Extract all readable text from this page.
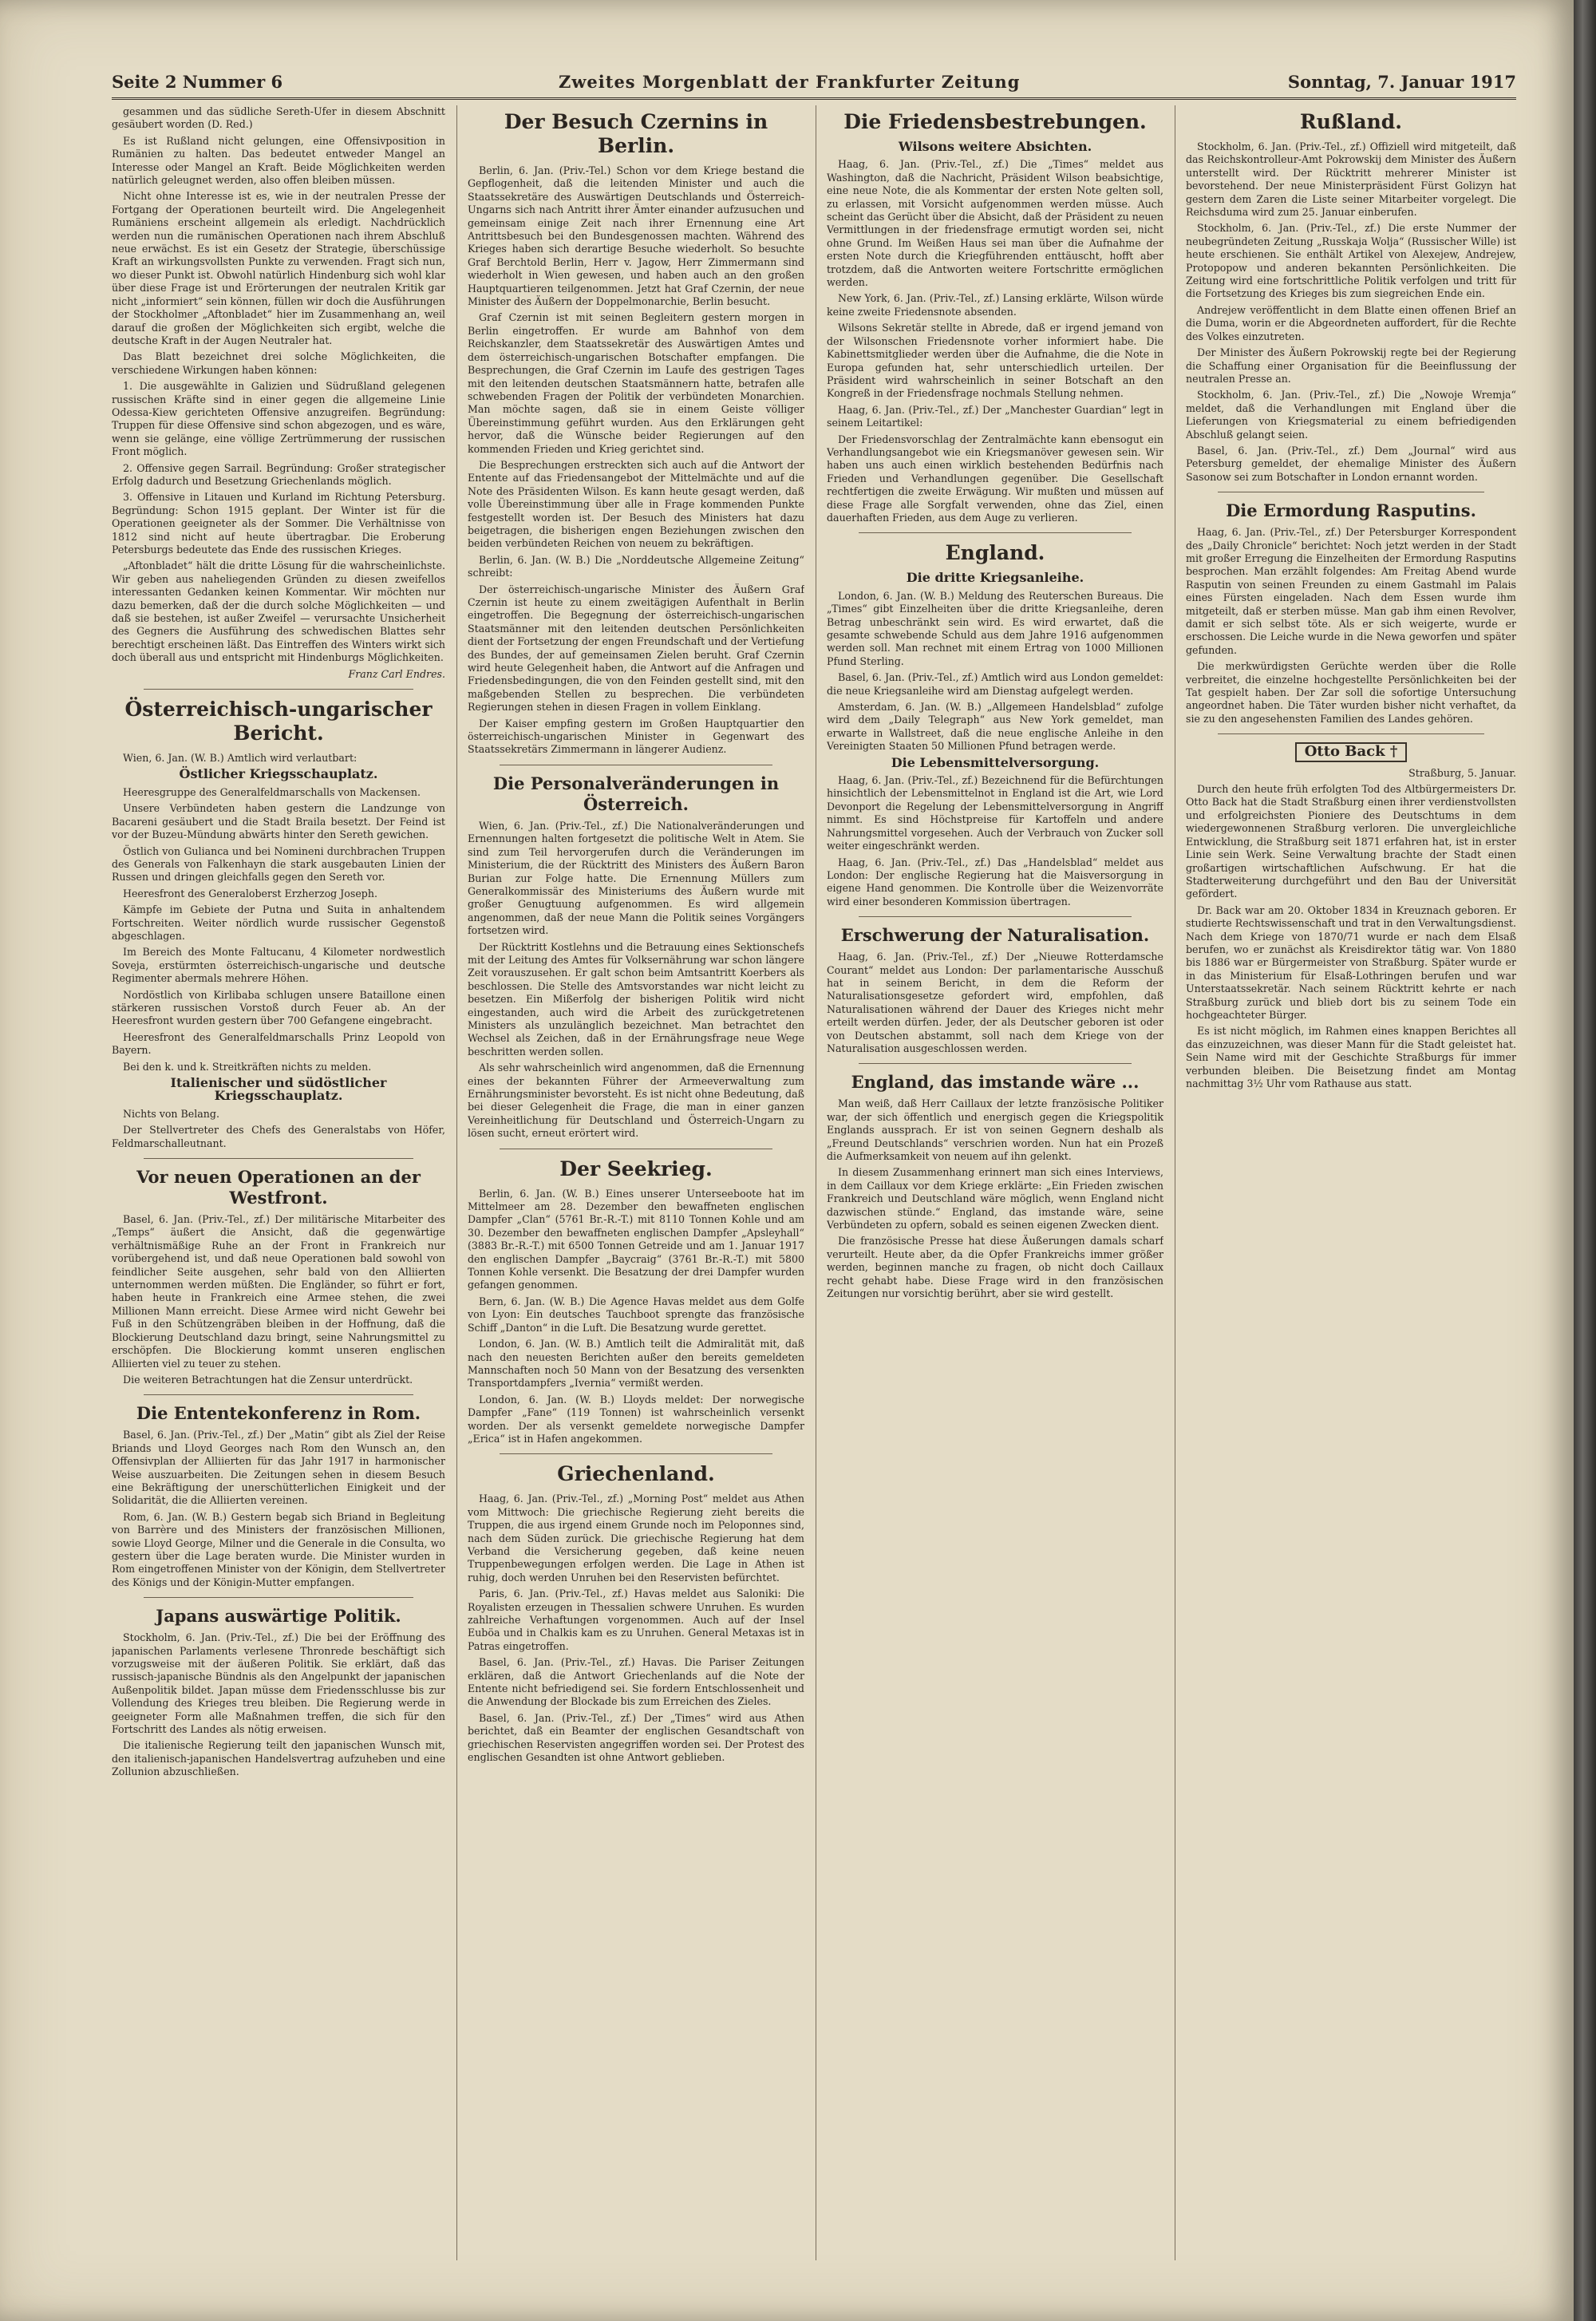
Seite 2 Nummer 6	Zweites Morgenblatt der Frankfurter Zeitung	Sonntag, 7. Januar 1917

gesammen und das südliche Sereth-Ufer in diesem Abschnitt gesäubert worden (D. Red.)

Es ist Rußland nicht gelungen, eine Offensivposition in Rumänien zu halten. Das bedeutet entweder Mangel an Interesse oder Mangel an Kraft. Beide Möglichkeiten werden natürlich geleugnet werden, also offen bleiben müssen.

Nicht ohne Interesse ist es, wie in der neutralen Presse der Fortgang der Operationen beurteilt wird. Die Angelegenheit Rumäniens erscheint allgemein als erledigt. Nachdrücklich werden nun die rumänischen Operationen nach ihrem Abschluß neue erwächst. Es ist ein Gesetz der Strategie, überschüssige Kraft an wirkungsvollsten Punkte zu verwenden. Fragt sich nun, wo dieser Punkt ist. Obwohl natürlich Hindenburg sich wohl klar über diese Frage ist und Erörterungen der neutralen Kritik gar nicht „informiert“ sein können, füllen wir doch die Ausführungen der Stockholmer „Aftonbladet“ hier im Zusammenhang an, weil darauf die großen der Möglichkeiten sich ergibt, welche die deutsche Kraft in der Augen Neutraler hat.

Das Blatt bezeichnet drei solche Möglichkeiten, die verschiedene Wirkungen haben können:

1. Die ausgewählte in Galizien und Südrußland gelegenen russischen Kräfte sind in einer gegen die allgemeine Linie Odessa-Kiew gerichteten Offensive anzugreifen. Begründung: Truppen für diese Offensive sind schon abgezogen, und es wäre, wenn sie gelänge, eine völlige Zertrümmerung der russischen Front möglich.

2. Offensive gegen Sarrail. Begründung: Großer strategischer Erfolg dadurch und Besetzung Griechenlands möglich.

3. Offensive in Litauen und Kurland im Richtung Petersburg. Begründung: Schon 1915 geplant. Der Winter ist für die Operationen geeigneter als der Sommer. Die Verhältnisse von 1812 sind nicht auf heute übertragbar. Die Eroberung Petersburgs bedeutete das Ende des russischen Krieges.

„Aftonbladet“ hält die dritte Lösung für die wahrscheinlichste. Wir geben aus naheliegenden Gründen zu diesen zweifellos interessanten Gedanken keinen Kommentar. Wir möchten nur dazu bemerken, daß der die durch solche Möglichkeiten — und daß sie bestehen, ist außer Zweifel — verursachte Unsicherheit des Gegners die Ausführung des schwedischen Blattes sehr berechtigt erscheinen läßt. Das Eintreffen des Winters wirkt sich doch überall aus und entspricht mit Hindenburgs Möglichkeiten.

Franz Carl Endres.
Österreichisch-ungarischer Bericht.

Wien, 6. Jan. (W. B.) Amtlich wird verlautbart:

Östlicher Kriegsschauplatz.

Heeresgruppe des Generalfeldmarschalls von Mackensen.

Unsere Verbündeten haben gestern die Landzunge von Bacareni gesäubert und die Stadt Braila besetzt. Der Feind ist vor der Buzeu-Mündung abwärts hinter den Sereth gewichen.

Östlich von Gulianca und bei Nomineni durchbrachen Truppen des Generals von Falkenhayn die stark ausgebauten Linien der Russen und dringen gleichfalls gegen den Sereth vor.

Heeresfront des Generaloberst Erzherzog Joseph.

Kämpfe im Gebiete der Putna und Suita in anhaltendem Fortschreiten. Weiter nördlich wurde russischer Gegenstoß abgeschlagen.

Im Bereich des Monte Faltucanu, 4 Kilometer nordwestlich Soveja, erstürmten österreichisch-ungarische und deutsche Regimenter abermals mehrere Höhen.

Nordöstlich von Kirlibaba schlugen unsere Bataillone einen stärkeren russischen Vorstoß durch Feuer ab. An der Heeresfront wurden gestern über 700 Gefangene eingebracht.

Heeresfront des Generalfeldmarschalls Prinz Leopold von Bayern.

Bei den k. und k. Streitkräften nichts zu melden.

Italienischer und südöstlicher Kriegsschauplatz.

Nichts von Belang.

Der Stellvertreter des Chefs des Generalstabs von Höfer, Feldmarschalleutnant.

Vor neuen Operationen an der Westfront.

Basel, 6. Jan. (Priv.-Tel., zf.) Der militärische Mitarbeiter des „Temps“ äußert die Ansicht, daß die gegenwärtige verhältnismäßige Ruhe an der Front in Frankreich nur vorübergehend ist, und daß neue Operationen bald sowohl von feindlicher Seite ausgehen, sehr bald von den Alliierten unternommen werden müßten. Die Engländer, so führt er fort, haben heute in Frankreich eine Armee stehen, die zwei Millionen Mann erreicht. Diese Armee wird nicht Gewehr bei Fuß in den Schützengräben bleiben in der Hoffnung, daß die Blockierung Deutschland dazu bringt, seine Nahrungsmittel zu erschöpfen. Die Blockierung kommt unseren englischen Alliierten viel zu teuer zu stehen.

Die weiteren Betrachtungen hat die Zensur unterdrückt.

Die Ententekonferenz in Rom.

Basel, 6. Jan. (Priv.-Tel., zf.) Der „Matin“ gibt als Ziel der Reise Briands und Lloyd Georges nach Rom den Wunsch an, den Offensivplan der Alliierten für das Jahr 1917 in harmonischer Weise auszuarbeiten. Die Zeitungen sehen in diesem Besuch eine Bekräftigung der unerschütterlichen Einigkeit und der Solidarität, die die Alliierten vereinen.

Rom, 6. Jan. (W. B.) Gestern begab sich Briand in Begleitung von Barrère und des Ministers der französischen Millionen, sowie Lloyd George, Milner und die Generale in die Consulta, wo gestern über die Lage beraten wurde. Die Minister wurden in Rom eingetroffenen Minister von der Königin, dem Stellvertreter des Königs und der Königin-Mutter empfangen.

Japans auswärtige Politik.

Stockholm, 6. Jan. (Priv.-Tel., zf.) Die bei der Eröffnung des japanischen Parlaments verlesene Thronrede beschäftigt sich vorzugsweise mit der äußeren Politik. Sie erklärt, daß das russisch-japanische Bündnis als den Angelpunkt der japanischen Außenpolitik bildet. Japan müsse dem Friedensschlusse bis zur Vollendung des Krieges treu bleiben. Die Regierung werde in geeigneter Form alle Maßnahmen treffen, die sich für den Fortschritt des Landes als nötig erweisen.

Die italienische Regierung teilt den japanischen Wunsch mit, den italienisch-japanischen Handelsvertrag aufzuheben und eine Zollunion abzuschließen.

Der Besuch Czernins in Berlin.

Berlin, 6. Jan. (Priv.-Tel.) Schon vor dem Kriege bestand die Gepflogenheit, daß die leitenden Minister und auch die Staatssekretäre des Auswärtigen Deutschlands und Österreich-Ungarns sich nach Antritt ihrer Ämter einander aufzusuchen und gemeinsam einige Zeit nach ihrer Ernennung eine Art Antrittsbesuch bei den Bundesgenossen machten. Während des Krieges haben sich derartige Besuche wiederholt. So besuchte Graf Berchtold Berlin, Herr v. Jagow, Herr Zimmermann sind wiederholt in Wien gewesen, und haben auch an den großen Hauptquartieren teilgenommen. Jetzt hat Graf Czernin, der neue Minister des Äußern der Doppelmonarchie, Berlin besucht.

Graf Czernin ist mit seinen Begleitern gestern morgen in Berlin eingetroffen. Er wurde am Bahnhof von dem Reichskanzler, dem Staatssekretär des Auswärtigen Amtes und dem österreichisch-ungarischen Botschafter empfangen. Die Besprechungen, die Graf Czernin im Laufe des gestrigen Tages mit den leitenden deutschen Staatsmännern hatte, betrafen alle schwebenden Fragen der Politik der verbündeten Monarchien. Man möchte sagen, daß sie in einem Geiste völliger Übereinstimmung geführt wurden. Aus den Erklärungen geht hervor, daß die Wünsche beider Regierungen auf den kommenden Frieden und Krieg gerichtet sind.

Die Besprechungen erstreckten sich auch auf die Antwort der Entente auf das Friedensangebot der Mittelmächte und auf die Note des Präsidenten Wilson. Es kann heute gesagt werden, daß volle Übereinstimmung über alle in Frage kommenden Punkte festgestellt worden ist. Der Besuch des Ministers hat dazu beigetragen, die bisherigen engen Beziehungen zwischen den beiden verbündeten Reichen von neuem zu bekräftigen.

Berlin, 6. Jan. (W. B.) Die „Norddeutsche Allgemeine Zeitung“ schreibt:

Der österreichisch-ungarische Minister des Äußern Graf Czernin ist heute zu einem zweitägigen Aufenthalt in Berlin eingetroffen. Die Begegnung der österreichisch-ungarischen Staatsmänner mit den leitenden deutschen Persönlichkeiten dient der Fortsetzung der engen Freundschaft und der Vertiefung des Bundes, der auf gemeinsamen Zielen beruht. Graf Czernin wird heute Gelegenheit haben, die Antwort auf die Anfragen und Friedensbedingungen, die von den Feinden gestellt sind, mit den maßgebenden Stellen zu besprechen. Die verbündeten Regierungen stehen in diesen Fragen in vollem Einklang.

Der Kaiser empfing gestern im Großen Hauptquartier den österreichisch-ungarischen Minister in Gegenwart des Staatssekretärs Zimmermann in längerer Audienz.

Die Personalveränderungen in Österreich.

Wien, 6. Jan. (Priv.-Tel., zf.) Die Nationalveränderungen und Ernennungen halten fortgesetzt die politische Welt in Atem. Sie sind zum Teil hervorgerufen durch die Veränderungen im Ministerium, die der Rücktritt des Ministers des Äußern Baron Burian zur Folge hatte. Die Ernennung Müllers zum Generalkommissär des Ministeriums des Äußern wurde mit großer Genugtuung aufgenommen. Es wird allgemein angenommen, daß der neue Mann die Politik seines Vorgängers fortsetzen wird.

Der Rücktritt Kostlehns und die Betrauung eines Sektionschefs mit der Leitung des Amtes für Volksernährung war schon längere Zeit vorauszusehen. Er galt schon beim Amtsantritt Koerbers als beschlossen. Die Stelle des Amtsvorstandes war nicht leicht zu besetzen. Ein Mißerfolg der bisherigen Politik wird nicht eingestanden, auch wird die Arbeit des zurückgetretenen Ministers als unzulänglich bezeichnet. Man betrachtet den Wechsel als Zeichen, daß in der Ernährungsfrage neue Wege beschritten werden sollen.

Als sehr wahrscheinlich wird angenommen, daß die Ernennung eines der bekannten Führer der Armeeverwaltung zum Ernährungsminister bevorsteht. Es ist nicht ohne Bedeutung, daß bei dieser Gelegenheit die Frage, die man in einer ganzen Vereinheitlichung für Deutschland und Österreich-Ungarn zu lösen sucht, erneut erörtert wird.

Der Seekrieg.

Berlin, 6. Jan. (W. B.) Eines unserer Unterseeboote hat im Mittelmeer am 28. Dezember den bewaffneten englischen Dampfer „Clan“ (5761 Br.-R.-T.) mit 8110 Tonnen Kohle und am 30. Dezember den bewaffneten englischen Dampfer „Apsleyhall“ (3883 Br.-R.-T.) mit 6500 Tonnen Getreide und am 1. Januar 1917 den englischen Dampfer „Baycraig“ (3761 Br.-R.-T.) mit 5800 Tonnen Kohle versenkt. Die Besatzung der drei Dampfer wurden gefangen genommen.

Bern, 6. Jan. (W. B.) Die Agence Havas meldet aus dem Golfe von Lyon: Ein deutsches Tauchboot sprengte das französische Schiff „Danton“ in die Luft. Die Besatzung wurde gerettet.

London, 6. Jan. (W. B.) Amtlich teilt die Admiralität mit, daß nach den neuesten Berichten außer den bereits gemeldeten Mannschaften noch 50 Mann von der Besatzung des versenkten Transportdampfers „Ivernia“ vermißt werden.

London, 6. Jan. (W. B.) Lloyds meldet: Der norwegische Dampfer „Fane“ (119 Tonnen) ist wahrscheinlich versenkt worden. Der als versenkt gemeldete norwegische Dampfer „Erica“ ist in Hafen angekommen.

Griechenland.

Haag, 6. Jan. (Priv.-Tel., zf.) „Morning Post“ meldet aus Athen vom Mittwoch: Die griechische Regierung zieht bereits die Truppen, die aus irgend einem Grunde noch im Peloponnes sind, nach dem Süden zurück. Die griechische Regierung hat dem Verband die Versicherung gegeben, daß keine neuen Truppenbewegungen erfolgen werden. Die Lage in Athen ist ruhig, doch werden Unruhen bei den Reservisten befürchtet.

Paris, 6. Jan. (Priv.-Tel., zf.) Havas meldet aus Saloniki: Die Royalisten erzeugen in Thessalien schwere Unruhen. Es wurden zahlreiche Verhaftungen vorgenommen. Auch auf der Insel Euböa und in Chalkis kam es zu Unruhen. General Metaxas ist in Patras eingetroffen.

Basel, 6. Jan. (Priv.-Tel., zf.) Havas. Die Pariser Zeitungen erklären, daß die Antwort Griechenlands auf die Note der Entente nicht befriedigend sei. Sie fordern Entschlossenheit und die Anwendung der Blockade bis zum Erreichen des Zieles.

Basel, 6. Jan. (Priv.-Tel., zf.) Der „Times“ wird aus Athen berichtet, daß ein Beamter der englischen Gesandtschaft von griechischen Reservisten angegriffen worden sei. Der Protest des englischen Gesandten ist ohne Antwort geblieben.

Die Friedensbestrebungen.
Wilsons weitere Absichten.

Haag, 6. Jan. (Priv.-Tel., zf.) Die „Times“ meldet aus Washington, daß die Nachricht, Präsident Wilson beabsichtige, eine neue Note, die als Kommentar der ersten Note gelten soll, zu erlassen, mit Vorsicht aufgenommen werden müsse. Auch scheint das Gerücht über die Absicht, daß der Präsident zu neuen Vermittlungen in der friedensfrage ermutigt worden sei, nicht ohne Grund. Im Weißen Haus sei man über die Aufnahme der ersten Note durch die Kriegführenden enttäuscht, hofft aber trotzdem, daß die Antworten weitere Fortschritte ermöglichen werden.

New York, 6. Jan. (Priv.-Tel., zf.) Lansing erklärte, Wilson würde keine zweite Friedensnote absenden.

Wilsons Sekretär stellte in Abrede, daß er irgend jemand von der Wilsonschen Friedensnote vorher informiert habe. Die Kabinettsmitglieder werden über die Aufnahme, die die Note in Europa gefunden hat, sehr unterschiedlich urteilen. Der Präsident wird wahrscheinlich in seiner Botschaft an den Kongreß in der Friedensfrage nochmals Stellung nehmen.

Haag, 6. Jan. (Priv.-Tel., zf.) Der „Manchester Guardian“ legt in seinem Leitartikel:

Der Friedensvorschlag der Zentralmächte kann ebensogut ein Verhandlungsangebot wie ein Kriegsmanöver gewesen sein. Wir haben uns auch einen wirklich bestehenden Bedürfnis nach Frieden und Verhandlungen gegenüber. Die Gesellschaft rechtfertigen die zweite Erwägung. Wir mußten und müssen auf diese Frage alle Sorgfalt verwenden, ohne das Ziel, einen dauerhaften Frieden, aus dem Auge zu verlieren.

England.
Die dritte Kriegsanleihe.

London, 6. Jan. (W. B.) Meldung des Reuterschen Bureaus. Die „Times“ gibt Einzelheiten über die dritte Kriegsanleihe, deren Betrag unbeschränkt sein wird. Es wird erwartet, daß die gesamte schwebende Schuld aus dem Jahre 1916 aufgenommen werden soll. Man rechnet mit einem Ertrag von 1000 Millionen Pfund Sterling.

Basel, 6. Jan. (Priv.-Tel., zf.) Amtlich wird aus London gemeldet: die neue Kriegsanleihe wird am Dienstag aufgelegt werden.

Amsterdam, 6. Jan. (W. B.) „Allgemeen Handelsblad“ zufolge wird dem „Daily Telegraph“ aus New York gemeldet, man erwarte in Wallstreet, daß die neue englische Anleihe in den Vereinigten Staaten 50 Millionen Pfund betragen werde.

Die Lebensmittelversorgung.

Haag, 6. Jan. (Priv.-Tel., zf.) Bezeichnend für die Befürchtungen hinsichtlich der Lebensmittelnot in England ist die Art, wie Lord Devonport die Regelung der Lebensmittelversorgung in Angriff nimmt. Es sind Höchstpreise für Kartoffeln und andere Nahrungsmittel vorgesehen. Auch der Verbrauch von Zucker soll weiter eingeschränkt werden.

Haag, 6. Jan. (Priv.-Tel., zf.) Das „Handelsblad“ meldet aus London: Der englische Regierung hat die Maisversorgung in eigene Hand genommen. Die Kontrolle über die Weizenvorräte wird einer besonderen Kommission übertragen.

Erschwerung der Naturalisation.

Haag, 6. Jan. (Priv.-Tel., zf.) Der „Nieuwe Rotterdamsche Courant“ meldet aus London: Der parlamentarische Ausschuß hat in seinem Bericht, in dem die Reform der Naturalisationsgesetze gefordert wird, empfohlen, daß Naturalisationen während der Dauer des Krieges nicht mehr erteilt werden dürfen. Jeder, der als Deutscher geboren ist oder von Deutschen abstammt, soll nach dem Kriege von der Naturalisation ausgeschlossen werden.

England, das imstande wäre ...

Man weiß, daß Herr Caillaux der letzte französische Politiker war, der sich öffentlich und energisch gegen die Kriegspolitik Englands aussprach. Er ist von seinen Gegnern deshalb als „Freund Deutschlands“ verschrien worden. Nun hat ein Prozeß die Aufmerksamkeit von neuem auf ihn gelenkt.

In diesem Zusammenhang erinnert man sich eines Interviews, in dem Caillaux vor dem Kriege erklärte: „Ein Frieden zwischen Frankreich und Deutschland wäre möglich, wenn England nicht dazwischen stünde.“ England, das imstande wäre, seine Verbündeten zu opfern, sobald es seinen eigenen Zwecken dient.

Die französische Presse hat diese Äußerungen damals scharf verurteilt. Heute aber, da die Opfer Frankreichs immer größer werden, beginnen manche zu fragen, ob nicht doch Caillaux recht gehabt habe. Diese Frage wird in den französischen Zeitungen nur vorsichtig berührt, aber sie wird gestellt.

Rußland.

Stockholm, 6. Jan. (Priv.-Tel., zf.) Offiziell wird mitgeteilt, daß das Reichskontrolleur-Amt Pokrowskij dem Minister des Äußern unterstellt wird. Der Rücktritt mehrerer Minister ist bevorstehend. Der neue Ministerpräsident Fürst Golizyn hat gestern dem Zaren die Liste seiner Mitarbeiter vorgelegt. Die Reichsduma wird zum 25. Januar einberufen.

Stockholm, 6. Jan. (Priv.-Tel., zf.) Die erste Nummer der neubegründeten Zeitung „Russkaja Wolja“ (Russischer Wille) ist heute erschienen. Sie enthält Artikel von Alexejew, Andrejew, Protopopow und anderen bekannten Persönlichkeiten. Die Zeitung wird eine fortschrittliche Politik verfolgen und tritt für die Fortsetzung des Krieges bis zum siegreichen Ende ein.

Andrejew veröffentlicht in dem Blatte einen offenen Brief an die Duma, worin er die Abgeordneten auffordert, für die Rechte des Volkes einzutreten.

Der Minister des Äußern Pokrowskij regte bei der Regierung die Schaffung einer Organisation für die Beeinflussung der neutralen Presse an.

Stockholm, 6. Jan. (Priv.-Tel., zf.) Die „Nowoje Wremja“ meldet, daß die Verhandlungen mit England über die Lieferungen von Kriegsmaterial zu einem befriedigenden Abschluß gelangt seien.

Basel, 6. Jan. (Priv.-Tel., zf.) Dem „Journal“ wird aus Petersburg gemeldet, der ehemalige Minister des Äußern Sasonow sei zum Botschafter in London ernannt worden.

Die Ermordung Rasputins.

Haag, 6. Jan. (Priv.-Tel., zf.) Der Petersburger Korrespondent des „Daily Chronicle“ berichtet: Noch jetzt werden in der Stadt mit großer Erregung die Einzelheiten der Ermordung Rasputins besprochen. Man erzählt folgendes: Am Freitag Abend wurde Rasputin von seinen Freunden zu einem Gastmahl im Palais eines Fürsten eingeladen. Nach dem Essen wurde ihm mitgeteilt, daß er sterben müsse. Man gab ihm einen Revolver, damit er sich selbst töte. Als er sich weigerte, wurde er erschossen. Die Leiche wurde in die Newa geworfen und später gefunden.

Die merkwürdigsten Gerüchte werden über die Rolle verbreitet, die einzelne hochgestellte Persönlichkeiten bei der Tat gespielt haben. Der Zar soll die sofortige Untersuchung angeordnet haben. Die Täter wurden bisher nicht verhaftet, da sie zu den angesehensten Familien des Landes gehören.

Otto Back †

Straßburg, 5. Januar.

Durch den heute früh erfolgten Tod des Altbürgermeisters Dr. Otto Back hat die Stadt Straßburg einen ihrer verdienstvollsten und erfolgreichsten Pioniere des Deutschtums in dem wiedergewonnenen Straßburg verloren. Die unvergleichliche Entwicklung, die Straßburg seit 1871 erfahren hat, ist in erster Linie sein Werk. Seine Verwaltung brachte der Stadt einen großartigen wirtschaftlichen Aufschwung. Er hat die Stadterweiterung durchgeführt und den Bau der Universität gefördert.

Dr. Back war am 20. Oktober 1834 in Kreuznach geboren. Er studierte Rechtswissenschaft und trat in den Verwaltungsdienst. Nach dem Kriege von 1870/71 wurde er nach dem Elsaß berufen, wo er zunächst als Kreisdirektor tätig war. Von 1880 bis 1886 war er Bürgermeister von Straßburg. Später wurde er in das Ministerium für Elsaß-Lothringen berufen und war Unterstaatssekretär. Nach seinem Rücktritt kehrte er nach Straßburg zurück und blieb dort bis zu seinem Tode ein hochgeachteter Bürger.

Es ist nicht möglich, im Rahmen eines knappen Berichtes all das einzuzeichnen, was dieser Mann für die Stadt geleistet hat. Sein Name wird mit der Geschichte Straßburgs für immer verbunden bleiben. Die Beisetzung findet am Montag nachmittag 3½ Uhr vom Rathause aus statt.
